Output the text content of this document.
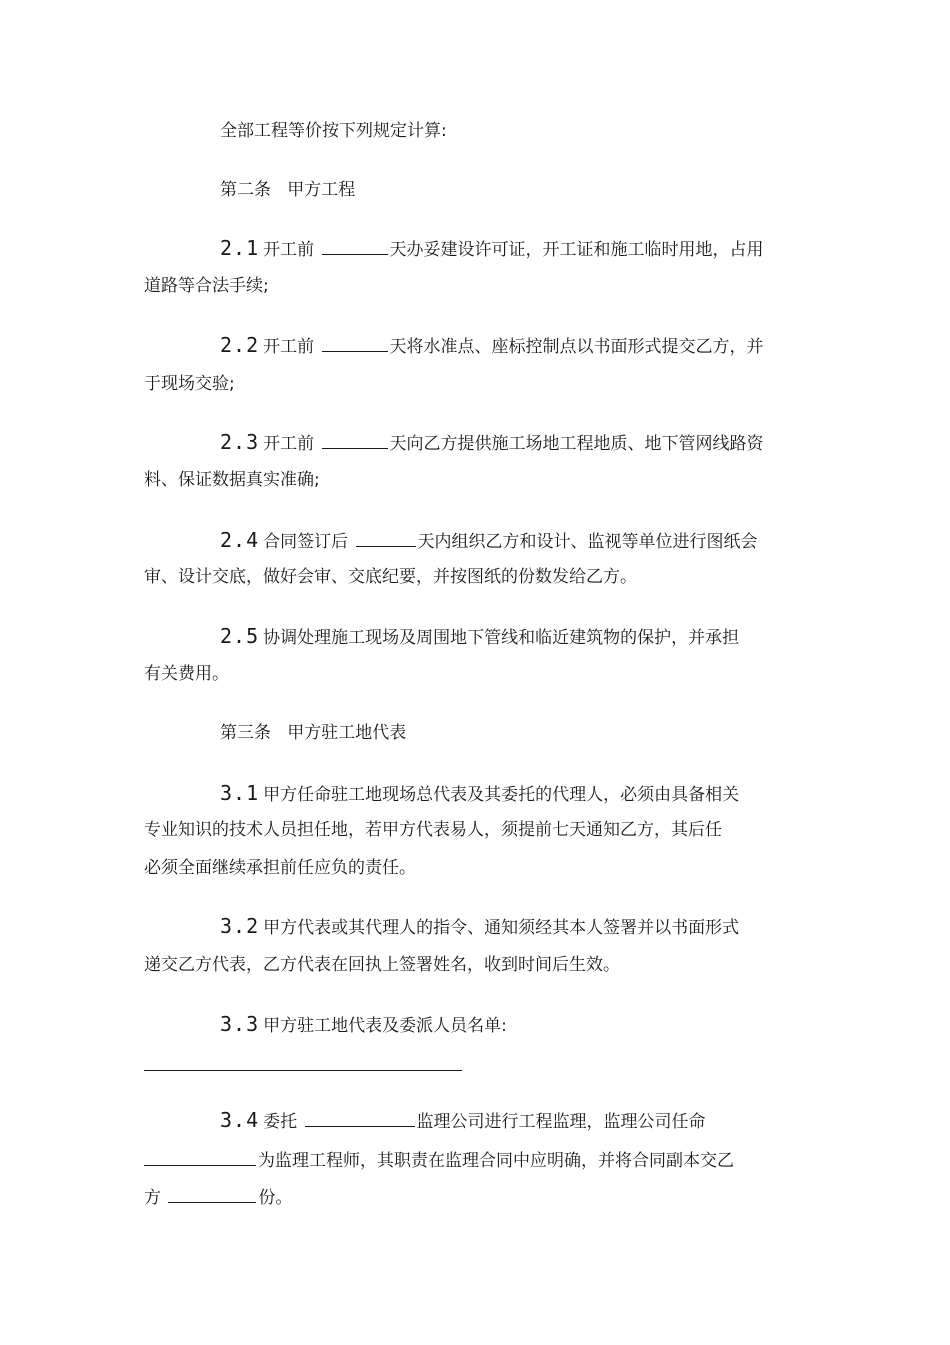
全部工程等价按下列规定计算:
第二条   甲方工程
2.1 开工前	天办妥建设许可证，开工证和施工临时用地，占用
道路等合法手续;
2.2 开工前	天将水准点、座标控制点以书面形式提交乙方，并
于现场交验;
2.3 开工前	天向乙方提供施工场地工程地质、地下管网线路资
料、保证数据真实准确;
2.4 合同签订后	天内组织乙方和设计、监视等单位进行图纸会
审、设计交底，做好会审、交底纪要，并按图纸的份数发给乙方。
2.5 协调处理施工现场及周围地下管线和临近建筑物的保护，并承担
有关费用。
第三条   甲方驻工地代表
3.1 甲方任命驻工地现场总代表及其委托的代理人，必须由具备相关
专业知识的技术人员担任地，若甲方代表易人，须提前七天通知乙方，其后任
必须全面继续承担前任应负的责任。
3.2 甲方代表或其代理人的指令、通知须经其本人签署并以书面形式
递交乙方代表，乙方代表在回执上签署姓名，收到时间后生效。
3.3 甲方驻工地代表及委派人员名单:
3.4 委托	监理公司进行工程监理，监理公司任命
为监理工程师，其职责在监理合同中应明确，并将合同副本交乙
方	份。
